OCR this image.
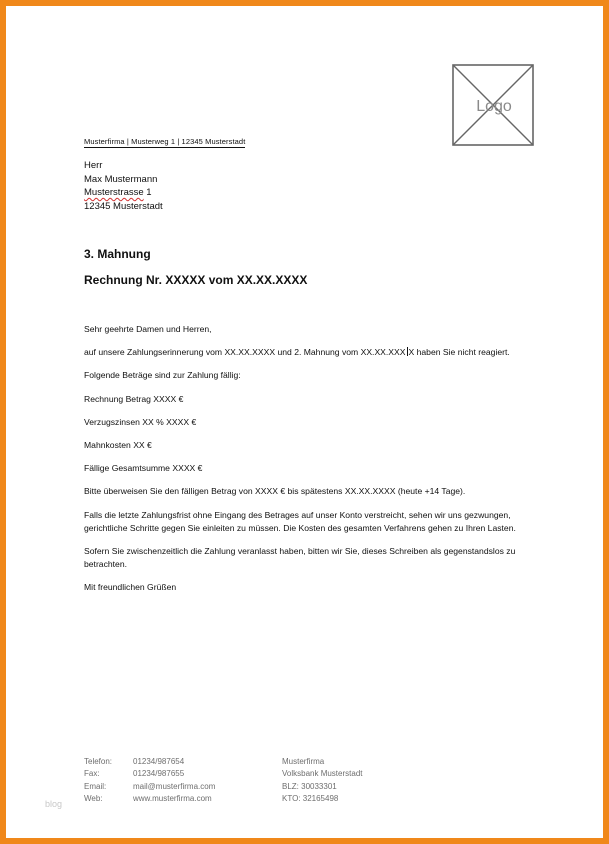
Logo
Musterfirma | Musterweg 1 | 12345 Musterstadt
Herr
Max Mustermann
Musterstrasse 1
12345 Musterstadt
3. Mahnung
Rechnung Nr. XXXXX vom XX.XX.XXXX

Sehr geehrte Damen und Herren,

auf unsere Zahlungserinnerung vom XX.XX.XXXX und 2. Mahnung vom XX.XX.XXX X haben Sie nicht reagiert.

Folgende Beträge sind zur Zahlung fällig:

Rechnung Betrag XXXX €

Verzugszinsen XX % XXXX €

Mahnkosten XX €

Fällige Gesamtsumme XXXX €

Bitte überweisen Sie den fälligen Betrag von XXXX € bis spätestens XX.XX.XXXX (heute +14 Tage).

Falls die letzte Zahlungsfrist ohne Eingang des Betrages auf unser Konto verstreicht, sehen wir uns gezwungen, gerichtliche Schritte gegen Sie einleiten zu müssen. Die Kosten des gesamten Verfahrens gehen zu Ihren Lasten.

Sofern Sie zwischenzeitlich die Zahlung veranlasst haben, bitten wir Sie, dieses Schreiben als gegenstandslos zu betrachten.

Mit freundlichen Grüßen

Telefon:
Fax:
Email:
Web:
01234/987654
01234/987655
mail@musterfirma.com
www.musterfirma.com
Musterfirma
Volksbank Musterstadt
BLZ: 30033301
KTO: 32165498
blog
